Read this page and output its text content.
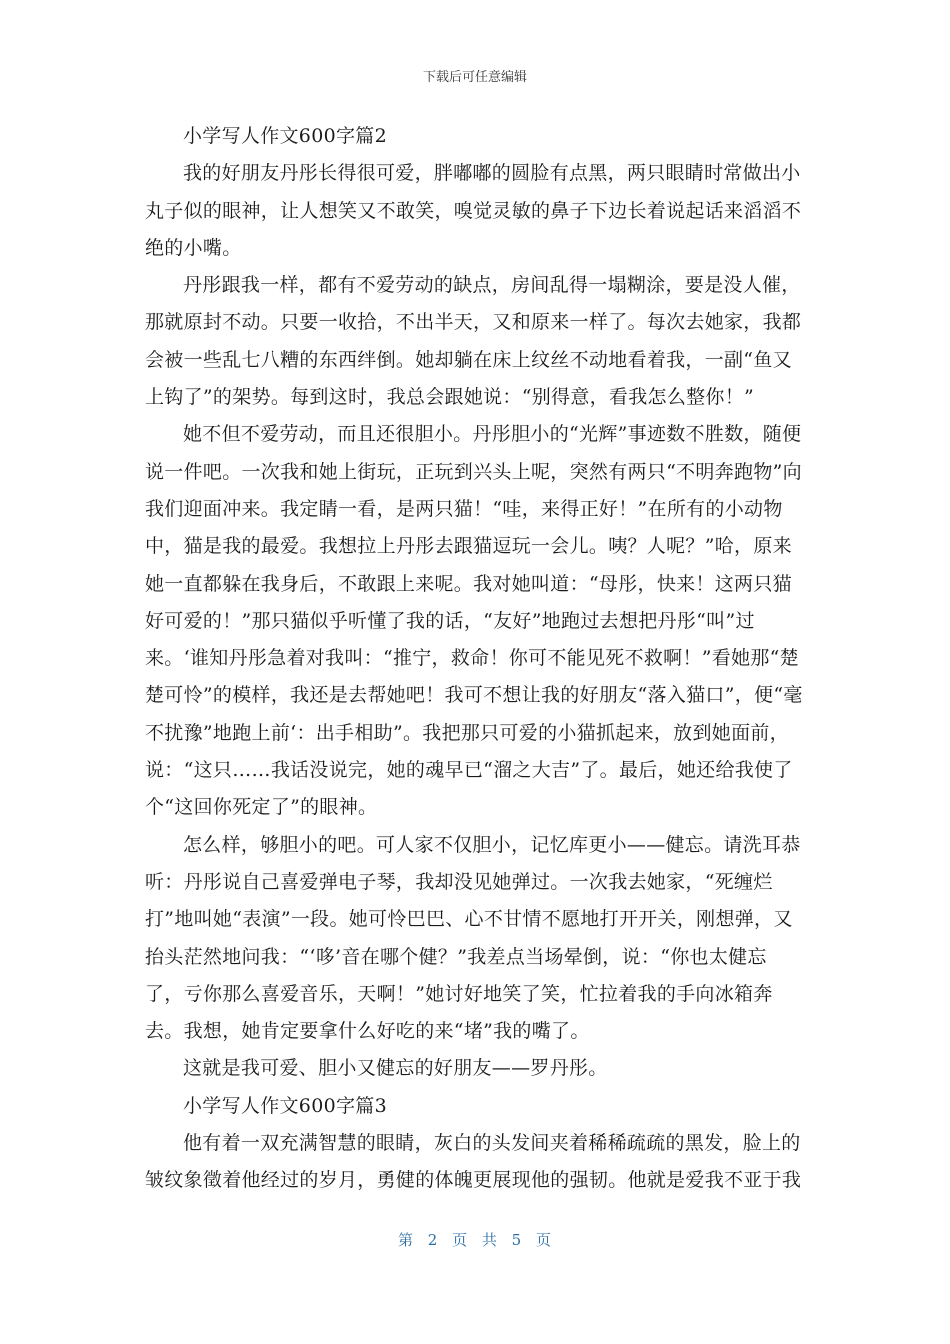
下载后可任意编辑

小学写人作文600字篇2

我的好朋友丹彤长得很可爱，胖嘟嘟的圆脸有点黑，两只眼睛时常做出小丸子似的眼神，让人想笑又不敢笑，嗅觉灵敏的鼻子下边长着说起话来滔滔不绝的小嘴。

丹彤跟我一样，都有不爱劳动的缺点，房间乱得一塌糊涂，要是没人催，那就原封不动。只要一收拾，不出半天，又和原来一样了。每次去她家，我都会被一些乱七八糟的东西绊倒。她却躺在床上纹丝不动地看着我，一副“鱼又上钩了”的架势。每到这时，我总会跟她说：“别得意，看我怎么整你！”

她不但不爱劳动，而且还很胆小。丹彤胆小的“光辉”事迹数不胜数，随便说一件吧。一次我和她上街玩，正玩到兴头上呢，突然有两只“不明奔跑物”向我们迎面冲来。我定睛一看，是两只猫！“哇，来得正好！”在所有的小动物中，猫是我的最爱。我想拉上丹彤去跟猫逗玩一会儿。咦？人呢？”哈，原来她一直都躲在我身后，不敢跟上来呢。我对她叫道：“母彤，快来！这两只猫好可爱的！”那只猫似乎听懂了我的话，“友好”地跑过去想把丹彤“叫”过来。‘谁知丹彤急着对我叫：“推宁，救命！你可不能见死不救啊！”看她那“楚楚可怜”的模样，我还是去帮她吧！我可不想让我的好朋友“落入猫口”，便“毫不扰豫”地跑上前‘：出手相助”。我把那只可爱的小猫抓起来，放到她面前，说：“这只……我话没说完，她的魂早已“溜之大吉”了。最后，她还给我使了个“这回你死定了”的眼神。

怎么样，够胆小的吧。可人家不仅胆小，记忆库更小——健忘。请洗耳恭听：丹彤说自己喜爱弹电子琴，我却没见她弹过。一次我去她家，“死缠烂打”地叫她“表演”一段。她可怜巴巴、心不甘情不愿地打开开关，刚想弹，又抬头茫然地问我：“‘哆’音在哪个健？”我差点当场晕倒，说：“你也太健忘了，亏你那么喜爱音乐，天啊！”她讨好地笑了笑，忙拉着我的手向冰箱奔去。我想，她肯定要拿什么好吃的来“堵”我的嘴了。

这就是我可爱、胆小又健忘的好朋友——罗丹彤。

小学写人作文600字篇3

他有着一双充满智慧的眼睛，灰白的头发间夹着稀稀疏疏的黑发，脸上的皱纹象徵着他经过的岁月，勇健的体魄更展现他的强韧。他就是爱我不亚于我

第 2 页 共 5 页
